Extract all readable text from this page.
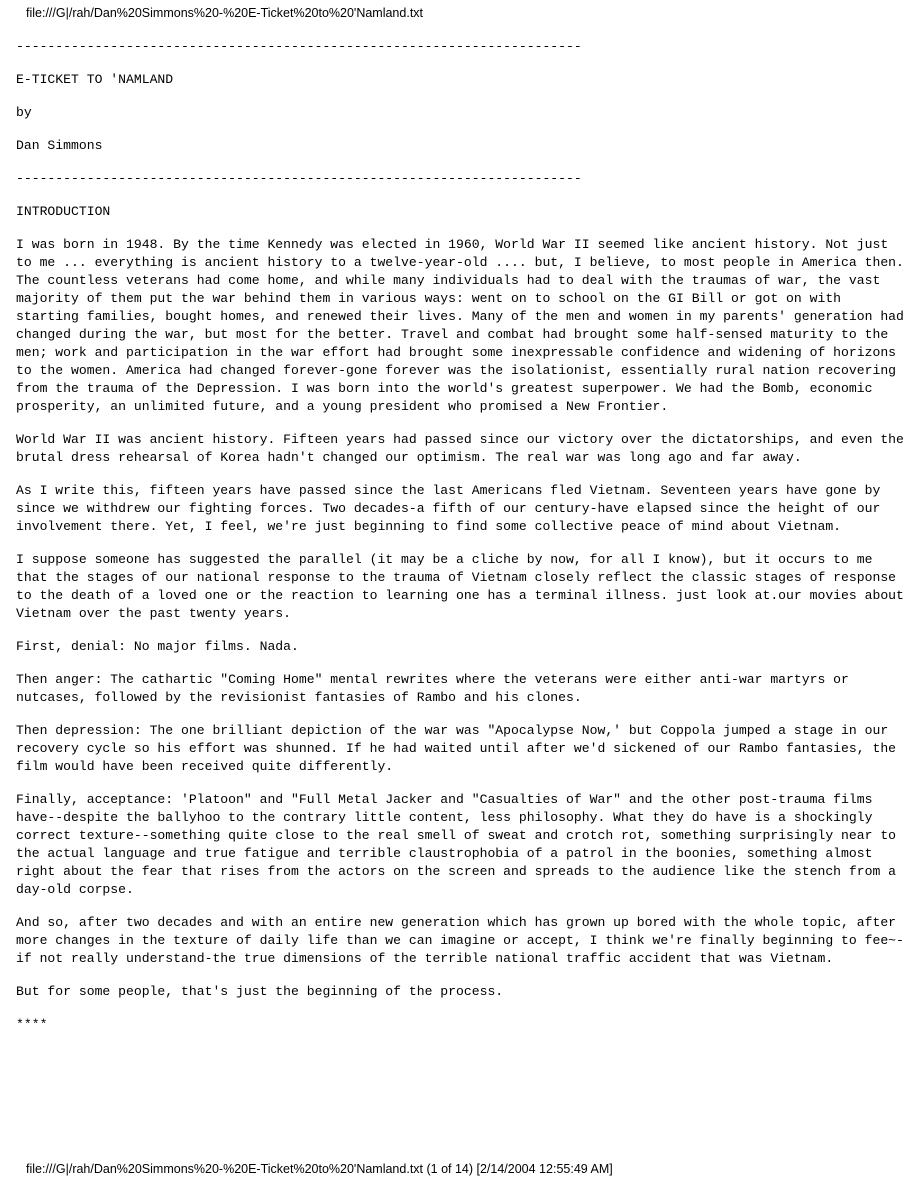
file:///G|/rah/Dan%20Simmons%20-%20E-Ticket%20to%20'Namland.txt

------------------------------------------------------------------------

E-TICKET TO 'NAMLAND

by

Dan Simmons

------------------------------------------------------------------------

INTRODUCTION

I was born in 1948. By the time Kennedy was elected in 1960, World War II seemed like ancient history. Not just to me ... everything is ancient history to a twelve-year-old .... but, I believe, to most people in America then. The countless veterans had come home, and while many individuals had to deal with the traumas of war, the vast majority of them put the war behind them in various ways: went on to school on the GI Bill or got on with starting families, bought homes, and renewed their lives. Many of the men and women in my parents' generation had changed during the war, but most for the better. Travel and combat had brought some half-sensed maturity to the men; work and participation in the war effort had brought some inexpressable confidence and widening of horizons to the women. America had changed forever-gone forever was the isolationist, essentially rural nation recovering from the trauma of the Depression. I was born into the world's greatest superpower. We had the Bomb, economic prosperity, an unlimited future, and a young president who promised a New Frontier.

World War II was ancient history. Fifteen years had passed since our victory over the dictatorships, and even the brutal dress rehearsal of Korea hadn't changed our optimism. The real war was long ago and far away.

As I write this, fifteen years have passed since the last Americans fled Vietnam. Seventeen years have gone by since we withdrew our fighting forces. Two decades-a fifth of our century-have elapsed since the height of our involvement there. Yet, I feel, we're just beginning to find some collective peace of mind about Vietnam.

I suppose someone has suggested the parallel (it may be a cliche by now, for all I know), but it occurs to me that the stages of our national response to the trauma of Vietnam closely reflect the classic stages of response to the death of a loved one or the reaction to learning one has a terminal illness. just look at.our movies about Vietnam over the past twenty years.

First, denial: No major films. Nada.

Then anger: The cathartic "Coming Home" mental rewrites where the veterans were either anti-war martyrs or nutcases, followed by the revisionist fantasies of Rambo and his clones.

Then depression: The one brilliant depiction of the war was "Apocalypse Now,' but Coppola jumped a stage in our recovery cycle so his effort was shunned. If he had waited until after we'd sickened of our Rambo fantasies, the film would have been received quite differently.

Finally, acceptance: 'Platoon" and "Full Metal Jacker and "Casualties of War" and the other post-trauma films have--despite the ballyhoo to the contrary little content, less philosophy. What they do have is a shockingly correct texture--something quite close to the real smell of sweat and crotch rot, something surprisingly near to the actual language and true fatigue and terrible claustrophobia of a patrol in the boonies, something almost right about the fear that rises from the actors on the screen and spreads to the audience like the stench from a day-old corpse.

And so, after two decades and with an entire new generation which has grown up bored with the whole topic, after more changes in the texture of daily life than we can imagine or accept, I think we're finally beginning to fee~-if not really understand-the true dimensions of the terrible national traffic accident that was Vietnam.

But for some people, that's just the beginning of the process.

****

file:///G|/rah/Dan%20Simmons%20-%20E-Ticket%20to%20'Namland.txt (1 of 14) [2/14/2004 12:55:49 AM]
